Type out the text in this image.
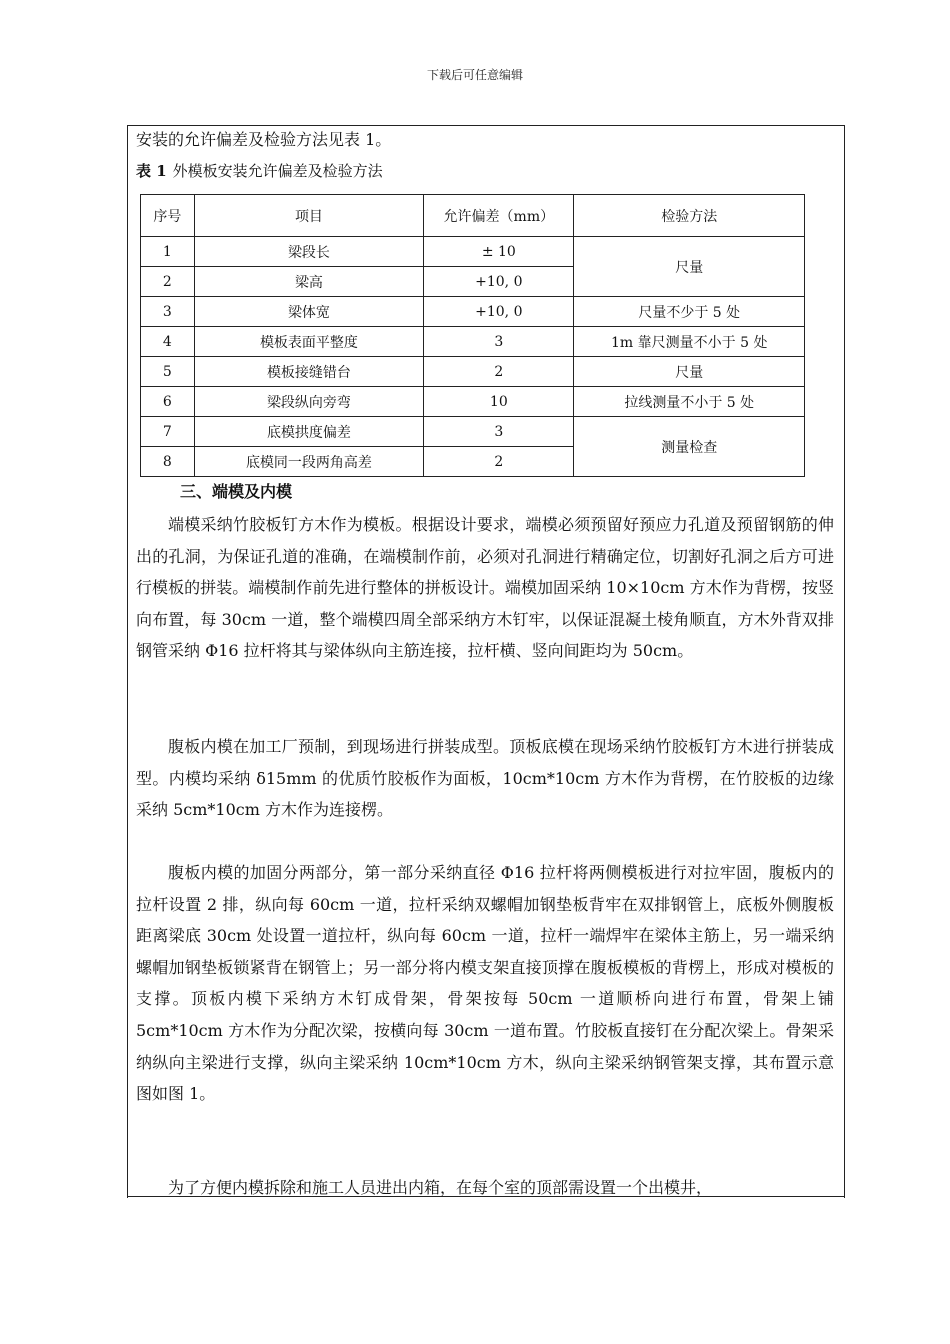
下载后可任意编辑
安装的允许偏差及检验方法见表 1。
表 1 外模板安装允许偏差及检验方法
序号	项目	允许偏差（mm）	检验方法
1	梁段长	± 10	尺量
2	梁高	+10, 0	
3	梁体宽	+10, 0	尺量不少于 5 处
4	模板表面平整度	3	1m 靠尺测量不小于 5 处
5	模板接缝错台	2	尺量
6	梁段纵向旁弯	10	拉线测量不小于 5 处
7	底模拱度偏差	3	测量检查
8	底模同一段两角高差	2	
三、端模及内模

端模采纳竹胶板钉方木作为模板。根据设计要求，端模必须预留好预应力孔道及预留钢筋的伸出的孔洞，为保证孔道的准确，在端模制作前，必须对孔洞进行精确定位，切割好孔洞之后方可进行模板的拼装。端模制作前先进行整体的拼板设计。端模加固采纳 10×10cm 方木作为背楞，按竖向布置，每 30cm 一道，整个端模四周全部采纳方木钉牢，以保证混凝土棱角顺直，方木外背双排钢管采纳 Φ16 拉杆将其与梁体纵向主筋连接，拉杆横、竖向间距均为 50cm。

腹板内模在加工厂预制，到现场进行拼装成型。顶板底模在现场采纳竹胶板钉方木进行拼装成型。内模均采纳 δ15mm 的优质竹胶板作为面板，10cm*10cm 方木作为背楞，在竹胶板的边缘采纳 5cm*10cm 方木作为连接楞。

腹板内模的加固分两部分，第一部分采纳直径 Φ16 拉杆将两侧模板进行对拉牢固，腹板内的拉杆设置 2 排，纵向每 60cm 一道，拉杆采纳双螺帽加钢垫板背牢在双排钢管上，底板外侧腹板距离梁底 30cm 处设置一道拉杆，纵向每 60cm 一道，拉杆一端焊牢在梁体主筋上，另一端采纳螺帽加钢垫板锁紧背在钢管上；另一部分将内模支架直接顶撑在腹板模板的背楞上，形成对模板的支撑。顶板内模下采纳方木钉成骨架，骨架按每 50cm 一道顺桥向进行布置，骨架上铺 5cm*10cm 方木作为分配次梁，按横向每 30cm 一道布置。竹胶板直接钉在分配次梁上。骨架采纳纵向主梁进行支撑，纵向主梁采纳 10cm*10cm 方木，纵向主梁采纳钢管架支撑，其布置示意图如图 1。

为了方便内模拆除和施工人员进出内箱，在每个室的顶部需设置一个出模井，
